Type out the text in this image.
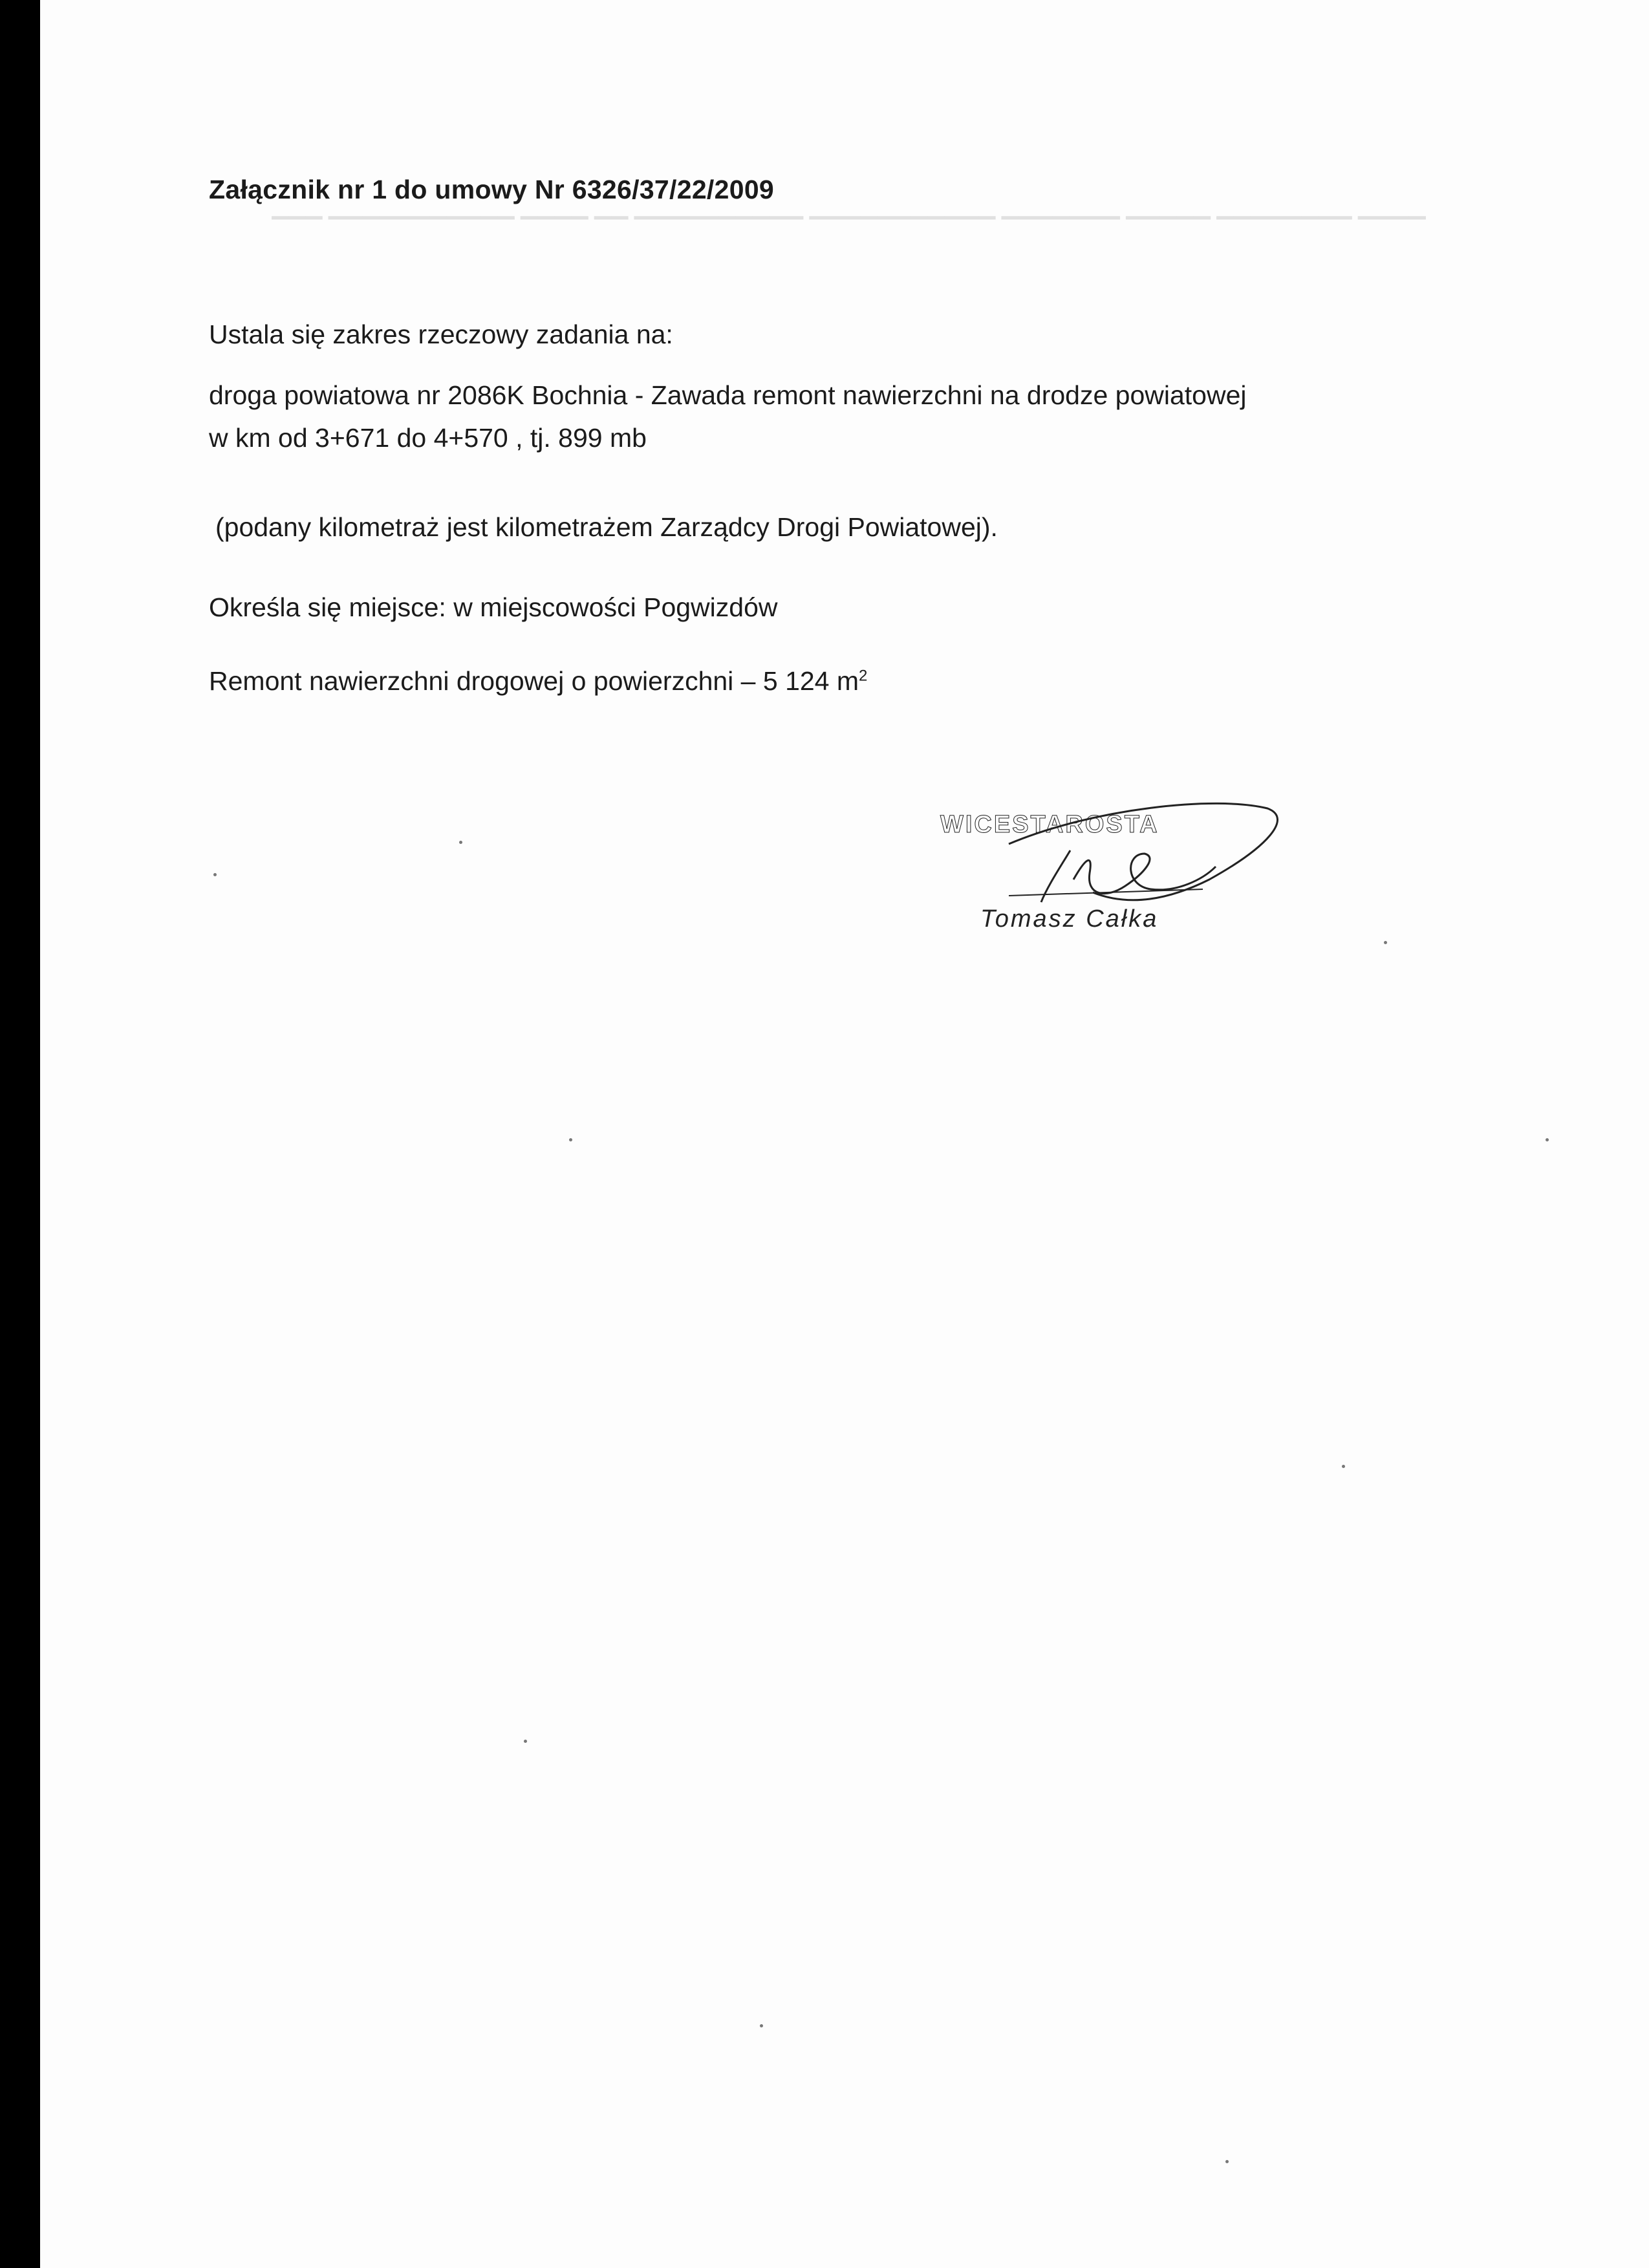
▁▁▁ ▁▁▁▁▁▁▁▁▁▁▁ ▁▁▁▁ ▁▁ ▁▁▁▁▁▁▁▁▁▁ ▁▁▁▁▁▁▁▁▁▁▁ ▁▁▁▁▁▁▁ ▁▁▁▁▁ ▁▁▁▁▁▁▁▁ ▁▁▁▁
Załącznik nr 1 do umowy Nr 6326/37/22/2009
Ustala się zakres rzeczowy zadania na:
droga powiatowa nr 2086K Bochnia - Zawada remont nawierzchni na drodze powiatowej
w km od 3+671 do 4+570 , tj. 899 mb
(podany kilometraż jest kilometrażem Zarządcy Drogi Powiatowej).
Określa się miejsce: w miejscowości Pogwizdów
Remont nawierzchni drogowej o powierzchni – 5 124 $m^2$
WICESTAROSTA
Tomasz Całka
